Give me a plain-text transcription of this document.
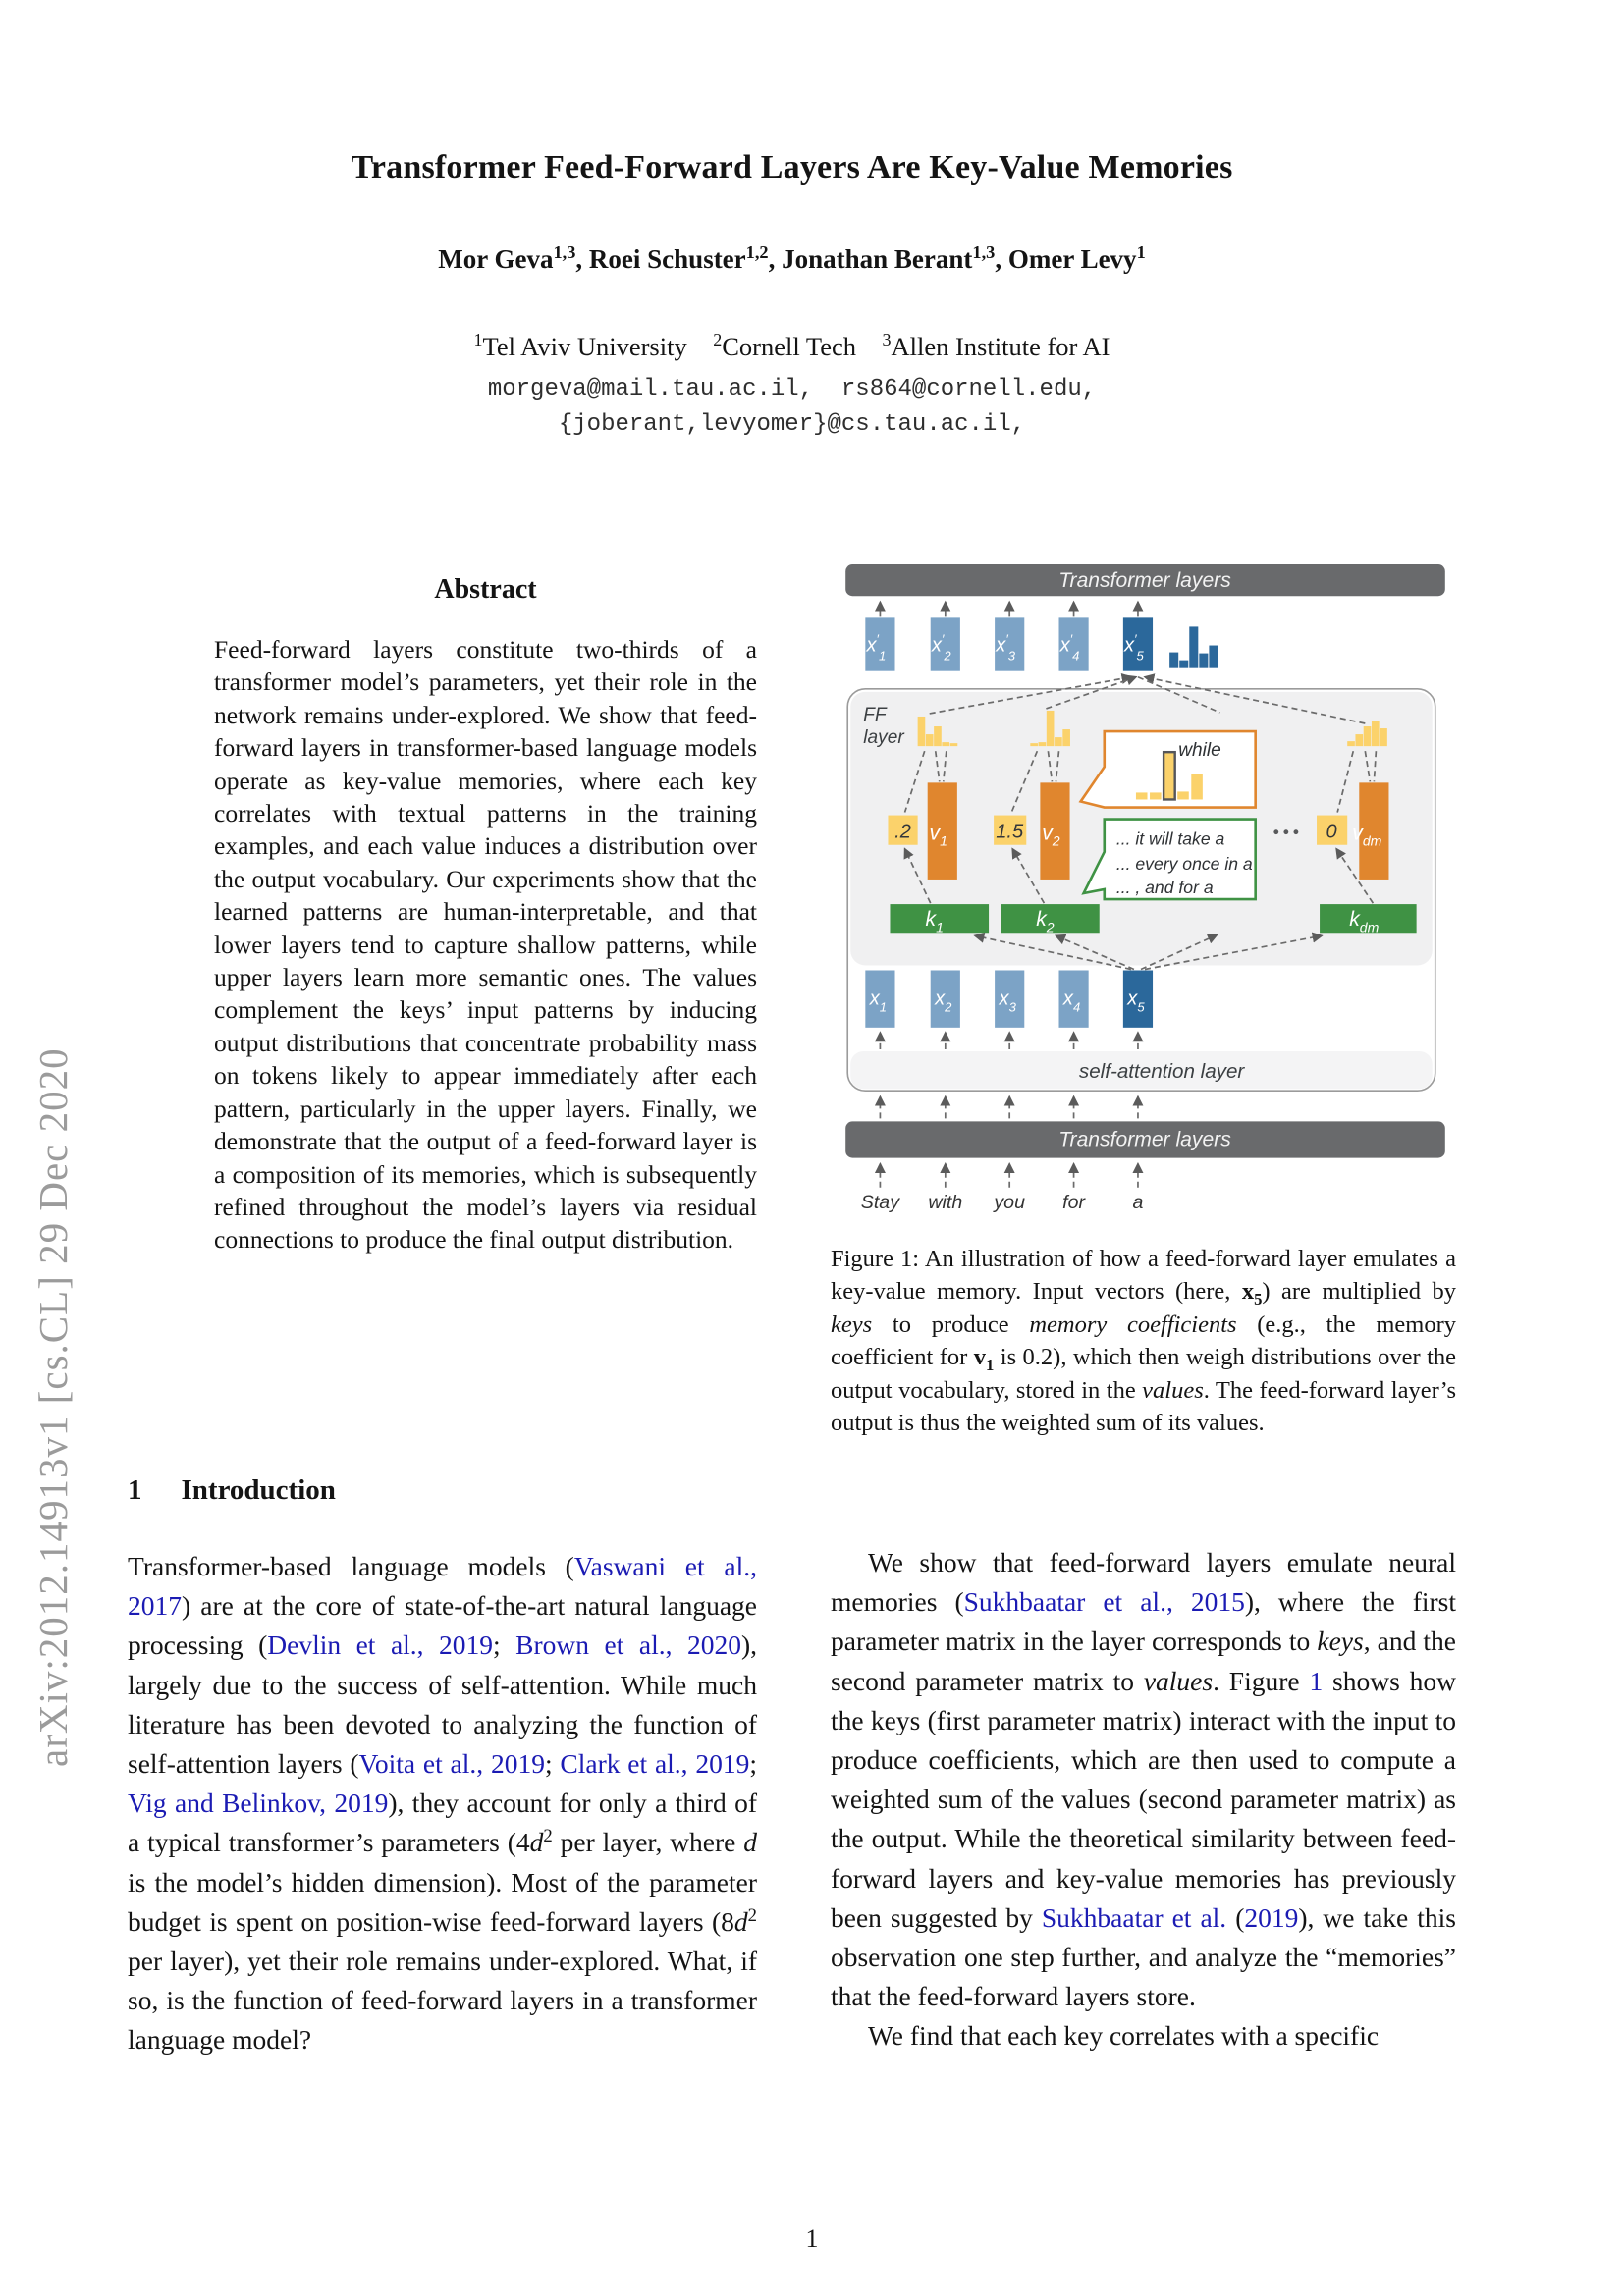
arXiv:2012.14913v1 [cs.CL] 29 Dec 2020
Transformer Feed-Forward Layers Are Key-Value Memories
Mor Geva$^{1,3}$, Roei Schuster$^{1,2}$, Jonathan Berant$^{1,3}$, Omer Levy$^1$
$^1$Tel Aviv University    $^2$Cornell Tech    $^3$Allen Institute for AI
morgeva@mail.tau.ac.il,  rs864@cornell.edu,
{joberant,levyomer}@cs.tau.ac.il,
Abstract
Feed-forward layers constitute two-thirds of a transformer model’s parameters, yet their role in the network remains under-explored. We show that feed-forward layers in transformer-based language models operate as key-value memories, where each key correlates with textual patterns in the training examples, and each value induces a distribution over the output vocabulary. Our experiments show that the learned patterns are human-interpretable, and that lower layers tend to capture shallow patterns, while upper layers learn more semantic ones. The values complement the keys’ input patterns by inducing output distributions that concentrate probability mass on tokens likely to appear immediately after each pattern, particularly in the upper layers. Finally, we demonstrate that the output of a feed-forward layer is a composition of its memories, which is subsequently refined throughout the model’s layers via residual connections to produce the final output distribution.
1 Introduction
Transformer-based language models (Vaswani et al., 2017) are at the core of state-of-the-art natural language processing (Devlin et al., 2019; Brown et al., 2020), largely due to the success of self-attention. While much literature has been devoted to analyzing the function of self-attention layers (Voita et al., 2019; Clark et al., 2019; Vig and Belinkov, 2019), they account for only a third of a typical transformer’s parameters ($4d^2$ per layer, where d is the model’s hidden dimension). Most of the parameter budget is spent on position-wise feed-forward layers ($8d^2$ per layer), yet their role remains under-explored. What, if so, is the function of feed-forward layers in a transformer language model?
Transformer layers
$x'_1$ $x'_2$ $x'_3$ $x'_4$ $x'_5$
FF
layer
$v_1$	$v_2$	$v_{dm}$
.2	1.5	0
while
... it will take a
... every once in a
... , and for a
$k_1$	$k_2$	$k_{dm}$
$x_1$ $x_2$ $x_3$ $x_4$ $x_5$
self-attention layer
Transformer layers
Stay with you for a
Figure 1: An illustration of how a feed-forward layer emulates a key-value memory. Input vectors (here, $x_5$) are multiplied by keys to produce memory coefficients (e.g., the memory coefficient for $v_1$ is 0.2), which then weigh distributions over the output vocabulary, stored in the values. The feed-forward layer’s output is thus the weighted sum of its values.

We show that feed-forward layers emulate neural memories (Sukhbaatar et al., 2015), where the first parameter matrix in the layer corresponds to keys, and the second parameter matrix to values. Figure 1 shows how the keys (first parameter matrix) interact with the input to produce coefficients, which are then used to compute a weighted sum of the values (second parameter matrix) as the output. While the theoretical similarity between feed-forward layers and key-value memories has previously been suggested by Sukhbaatar et al. (2019), we take this observation one step further, and analyze the “memories” that the feed-forward layers store.

We find that each key correlates with a specific

1
